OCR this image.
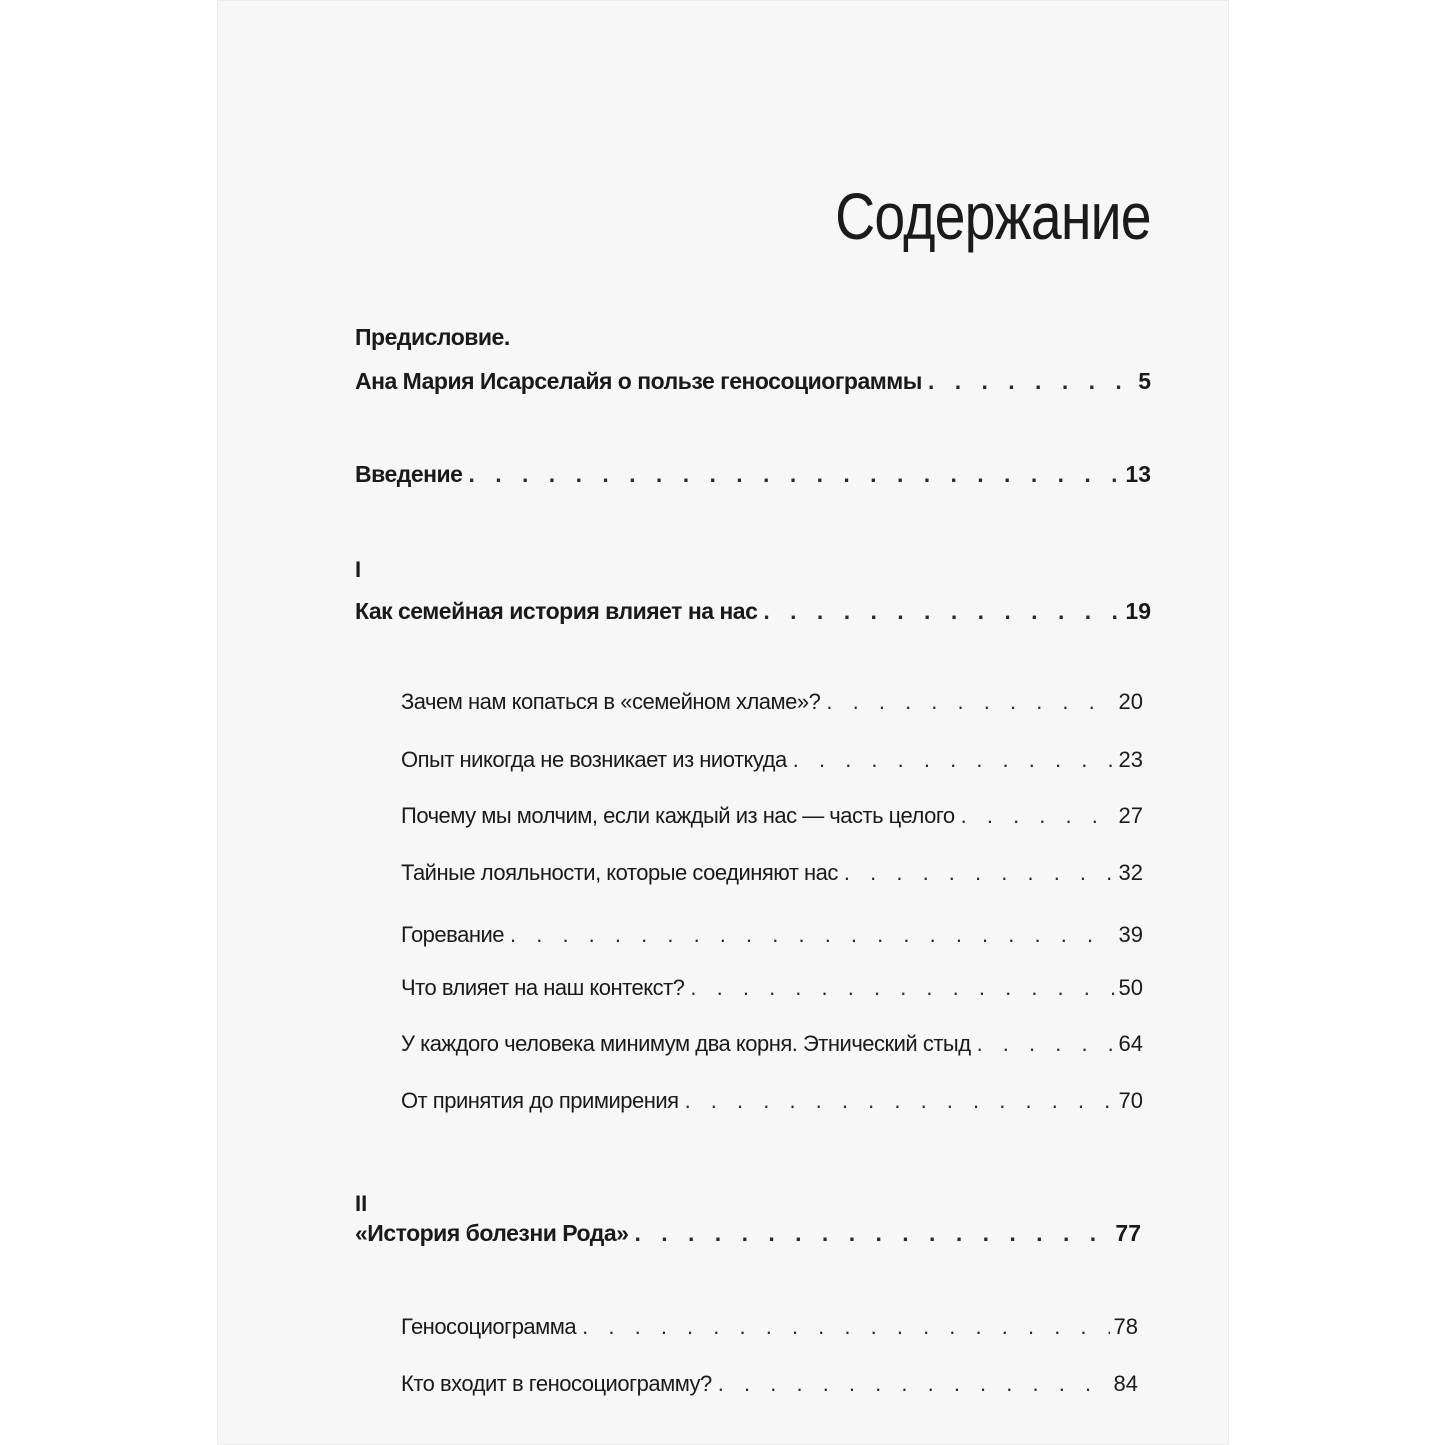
Содержание
Предисловие.
Ана Мария Исарселайя о пользе геносоциограммы . . .	5
Введение . . .	13
I
Как семейная история влияет на нас . . .	19
Зачем нам копаться в «семейном хламе»? . . .	20
Опыт никогда не возникает из ниоткуда . . .	23
Почему мы молчим, если каждый из нас — часть целого . . .	27
Тайные лояльности, которые соединяют нас . . .	32
Горевание . . .	39
Что влияет на наш контекст? . . .	50
У каждого человека минимум два корня. Этнический стыд . . .	64
От принятия до примирения . . .	70
II
«История болезни Рода» . . .	77
Геносоциограмма . . .	78
Кто входит в геносоциограмму? . . .	84
